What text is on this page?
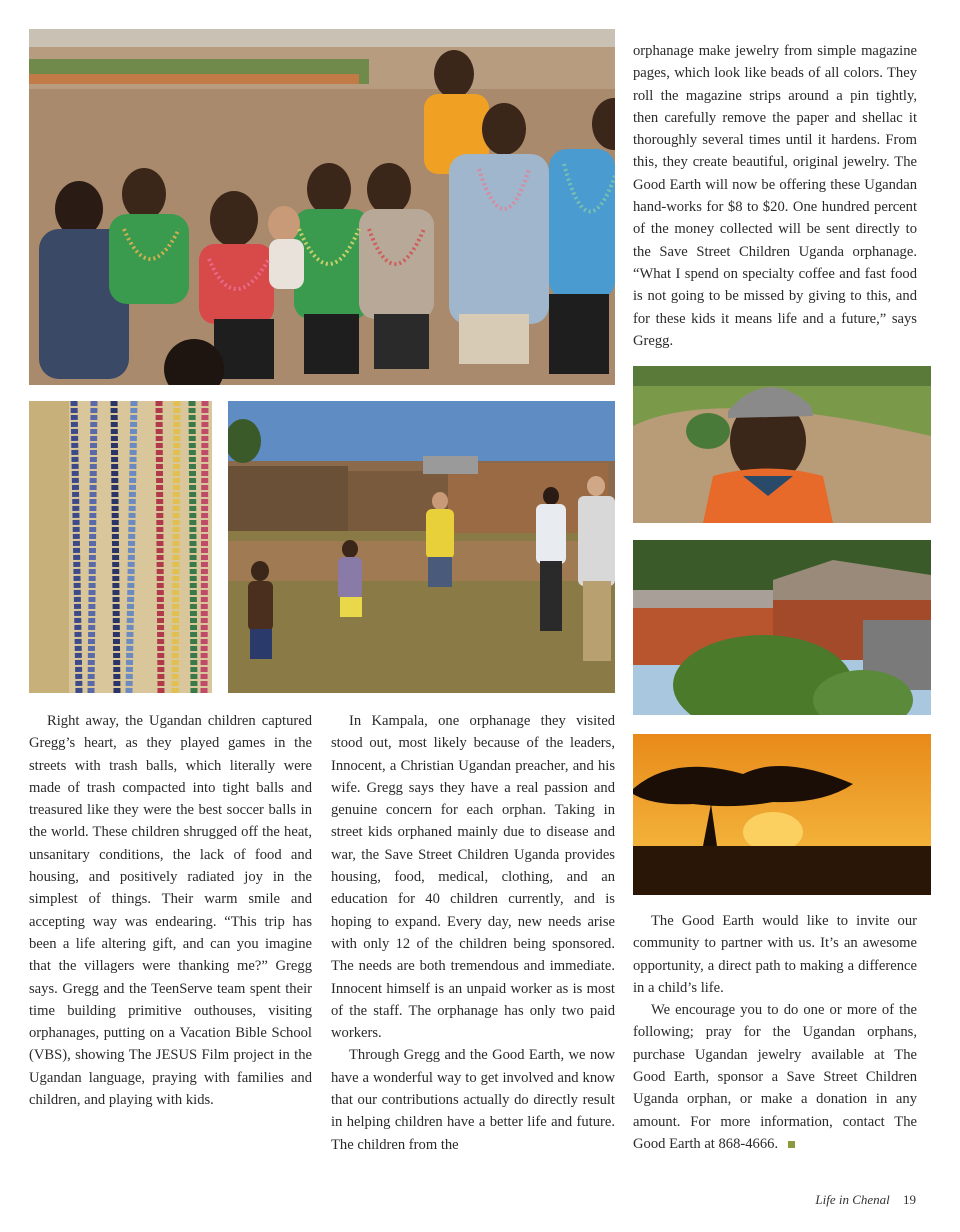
Right away, the Ugandan children captured Gregg’s heart, as they played games in the streets with trash balls, which literally were made of trash compacted into tight balls and treasured like they were the best soccer balls in the world. These children shrugged off the heat, unsanitary conditions, the lack of food and housing, and positively radiated joy in the simplest of things. Their warm smile and accepting way was endearing. “This trip has been a life altering gift, and can you imagine that the villagers were thanking me?” Gregg says. Gregg and the TeenServe team spent their time building primitive outhouses, visiting orphanages, putting on a Vacation Bible School (VBS), showing The JESUS Film project in the Ugandan language, praying with families and children, and playing with kids.

In Kampala, one orphanage they visited stood out, most likely because of the leaders, Innocent, a Christian Ugandan preacher, and his wife. Gregg says they have a real passion and genuine concern for each orphan. Taking in street kids orphaned mainly due to disease and war, the Save Street Children Uganda provides housing, food, medical, clothing, and an education for 40 children currently, and is hoping to expand. Every day, new needs arise with only 12 of the children being sponsored. The needs are both tremendous and immediate. Innocent himself is an unpaid worker as is most of the staff. The orphanage has only two paid workers.

Through Gregg and the Good Earth, we now have a wonderful way to get involved and know that our contributions actually do directly result in helping children have a better life and future. The children from the

orphanage make jewelry from simple magazine pages, which look like beads of all colors. They roll the magazine strips around a pin tightly, then carefully remove the paper and shellac it thoroughly several times until it hardens. From this, they create beautiful, original jewelry. The Good Earth will now be offering these Ugandan hand-works for $8 to $20. One hundred percent of the money collected will be sent directly to the Save Street Children Uganda orphanage. “What I spend on specialty coffee and fast food is not going to be missed by giving to this, and for these kids it means life and a future,” says Gregg.

The Good Earth would like to invite our community to partner with us. It’s an awesome opportunity, a direct path to making a difference in a child’s life.

We encourage you to do one or more of the following; pray for the Ugandan orphans, purchase Ugandan jewelry available at The Good Earth, sponsor a Save Street Children Uganda orphan, or make a donation in any amount. For more information, contact The Good Earth at 868-4666.

Life in Chenal 19
